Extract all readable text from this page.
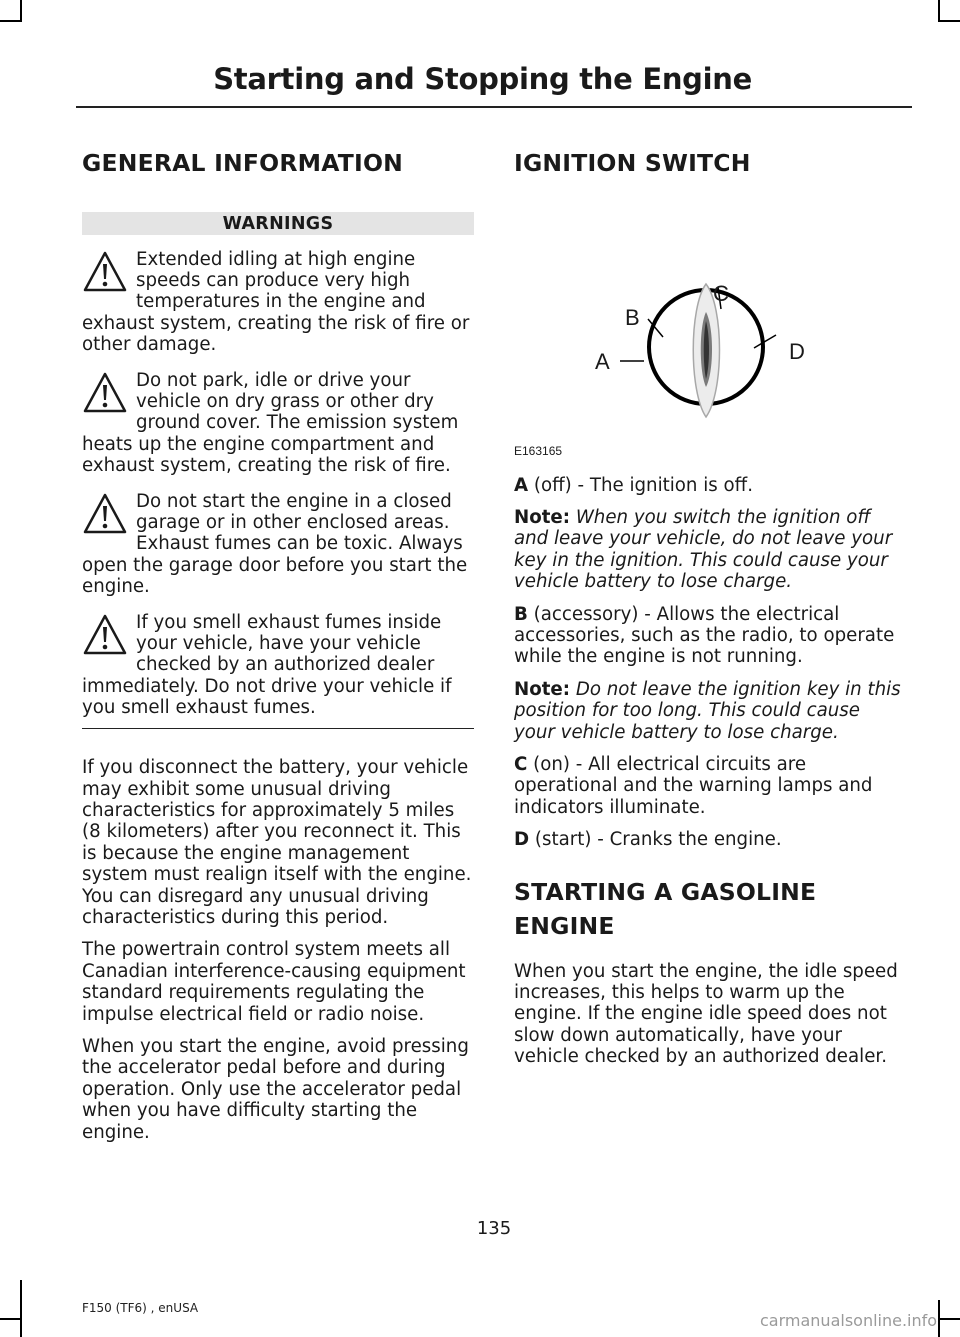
Starting and Stopping the Engine
GENERAL INFORMATION
WARNINGS
Extended idling at high engine speeds can produce very high temperatures in the engine and exhaust system, creating the risk of fire or other damage.
Do not park, idle or drive your vehicle on dry grass or other dry ground cover. The emission system heats up the engine compartment and exhaust system, creating the risk of fire.
Do not start the engine in a closed garage or in other enclosed areas. Exhaust fumes can be toxic. Always open the garage door before you start the engine.
If you smell exhaust fumes inside your vehicle, have your vehicle checked by an authorized dealer immediately. Do not drive your vehicle if you smell exhaust fumes.

If you disconnect the battery, your vehicle may exhibit some unusual driving characteristics for approximately 5 miles (8 kilometers) after you reconnect it. This is because the engine management system must realign itself with the engine. You can disregard any unusual driving characteristics during this period.

The powertrain control system meets all Canadian interference-causing equipment standard requirements regulating the impulse electrical field or radio noise.

When you start the engine, avoid pressing the accelerator pedal before and during operation. Only use the accelerator pedal when you have difficulty starting the engine.

IGNITION SWITCH
A
B
C
D
E163165

A (off) - The ignition is off.

Note: When you switch the ignition off and leave your vehicle, do not leave your key in the ignition. This could cause your vehicle battery to lose charge.

B (accessory) - Allows the electrical accessories, such as the radio, to operate while the engine is not running.

Note: Do not leave the ignition key in this position for too long. This could cause your vehicle battery to lose charge.

C (on) - All electrical circuits are operational and the warning lamps and indicators illuminate.

D (start) - Cranks the engine.

STARTING A GASOLINE
ENGINE

When you start the engine, the idle speed increases, this helps to warm up the engine. If the engine idle speed does not slow down automatically, have your vehicle checked by an authorized dealer.

135
F150 (TF6) , enUSA
carmanualsonline.info
